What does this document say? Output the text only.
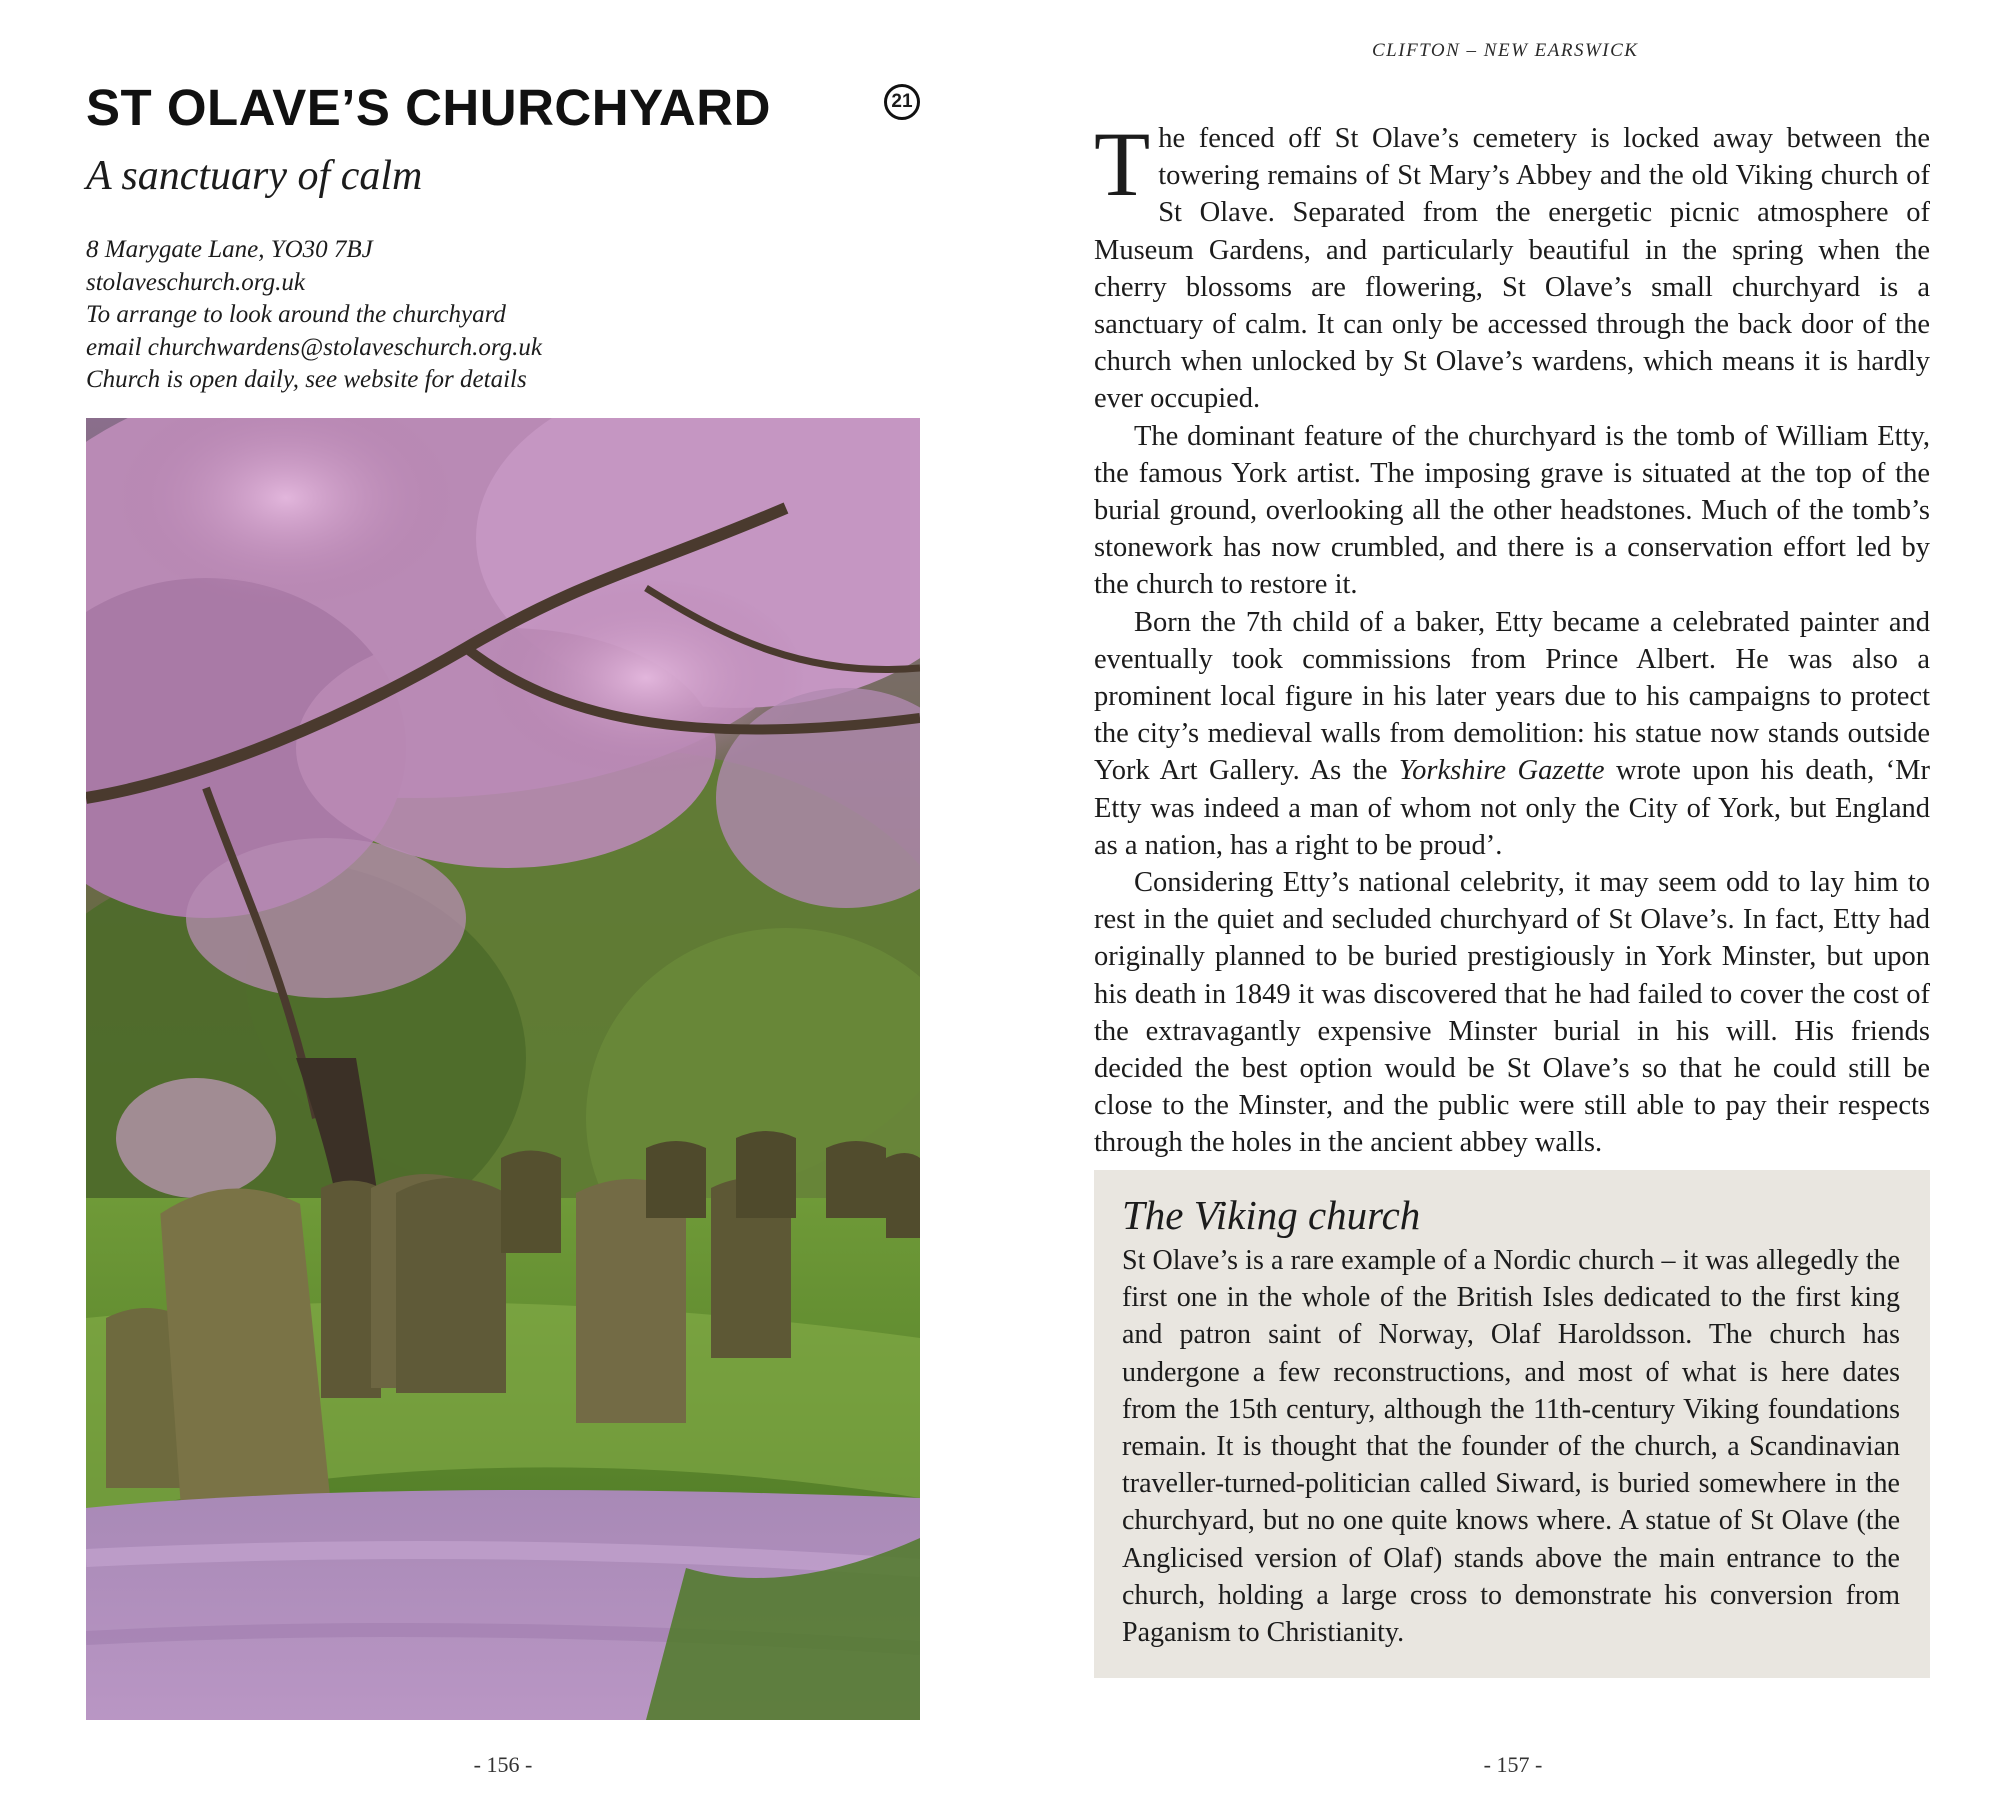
CLIFTON – NEW EARSWICK
ST OLAVE’S CHURCHYARD	21
A sanctuary of calm
8 Marygate Lane, YO30 7BJ
stolaveschurch.org.uk
To arrange to look around the churchyard
email churchwardens@stolaveschurch.org.uk
Church is open daily, see website for details
- 156 -

The fenced off St Olave’s cemetery is locked away between the towering remains of St Mary’s Abbey and the old Viking church of St Olave. Separated from the energetic picnic atmosphere of Museum Gardens, and particularly beautiful in the spring when the cherry blossoms are flowering, St Olave’s small churchyard is a sanctuary of calm. It can only be accessed through the back door of the church when unlocked by St Olave’s wardens, which means it is hardly ever occupied.

The dominant feature of the churchyard is the tomb of William Etty, the famous York artist. The imposing grave is situated at the top of the burial ground, overlooking all the other headstones. Much of the tomb’s stonework has now crumbled, and there is a conservation effort led by the church to restore it.

Born the 7th child of a baker, Etty became a celebrated painter and eventually took commissions from Prince Albert. He was also a prominent local figure in his later years due to his campaigns to protect the city’s medieval walls from demolition: his statue now stands outside York Art Gallery. As the Yorkshire Gazette wrote upon his death, ‘Mr Etty was indeed a man of whom not only the City of York, but England as a nation, has a right to be proud’.

Considering Etty’s national celebrity, it may seem odd to lay him to rest in the quiet and secluded churchyard of St Olave’s. In fact, Etty had originally planned to be buried prestigiously in York Minster, but upon his death in 1849 it was discovered that he had failed to cover the cost of the extravagantly expensive Minster burial in his will. His friends decided the best option would be St Olave’s so that he could still be close to the Minster, and the public were still able to pay their respects through the holes in the ancient abbey walls.

The Viking church

St Olave’s is a rare example of a Nordic church – it was allegedly the first one in the whole of the British Isles dedicated to the first king and patron saint of Norway, Olaf Haroldsson. The church has undergone a few reconstructions, and most of what is here dates from the 15th century, although the 11th-century Viking foundations remain. It is thought that the founder of the church, a Scandinavian traveller-turned-politician called Siward, is buried somewhere in the churchyard, but no one quite knows where. A statue of St Olave (the Anglicised version of Olaf) stands above the main entrance to the church, holding a large cross to demonstrate his conversion from Paganism to Christianity.

- 157 -
